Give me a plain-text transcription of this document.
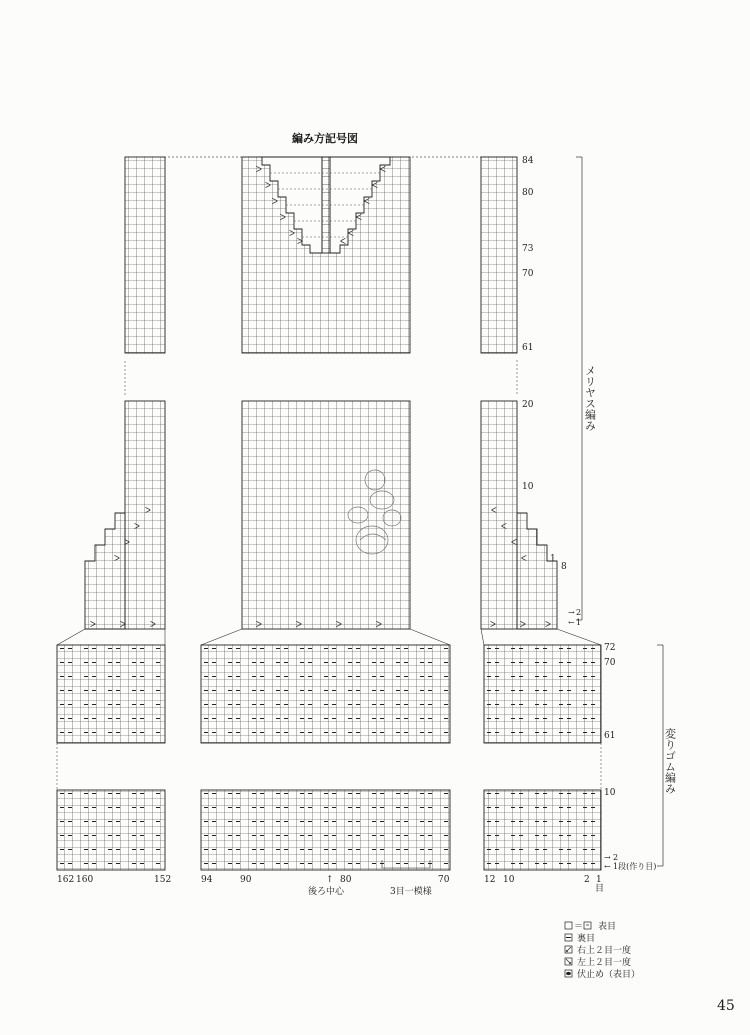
編み方記号図
ᐳ
ᐳ
ᐳ
ᐳ
ᐳ
ᐳ
ᐸ
ᐸ
ᐸ
ᐸ
ᐸ
ᐸ
84
80
73
70
61
ᐳ
ᐳ
ᐳ
ᐳ
ᐸ
ᐸ
ᐸ
ᐸ
ᐳ	ᐳ	ᐳ	ᐳ	ᐳ	ᐳ	ᐳ	ᐳ	ᐳ ᐳ
20
10
8
1
→ 2
← 1
メリヤス編み
72
70
61
10
→ 2
← 1段(作り目)
変りゴム編み
162 160	152	94	90	80	70	12 10	2 1
目
↑
後ろ中心	3目一模様
＝ 表目
裏目
右上２目一度
左上２目一度
伏止め（表目）
45
